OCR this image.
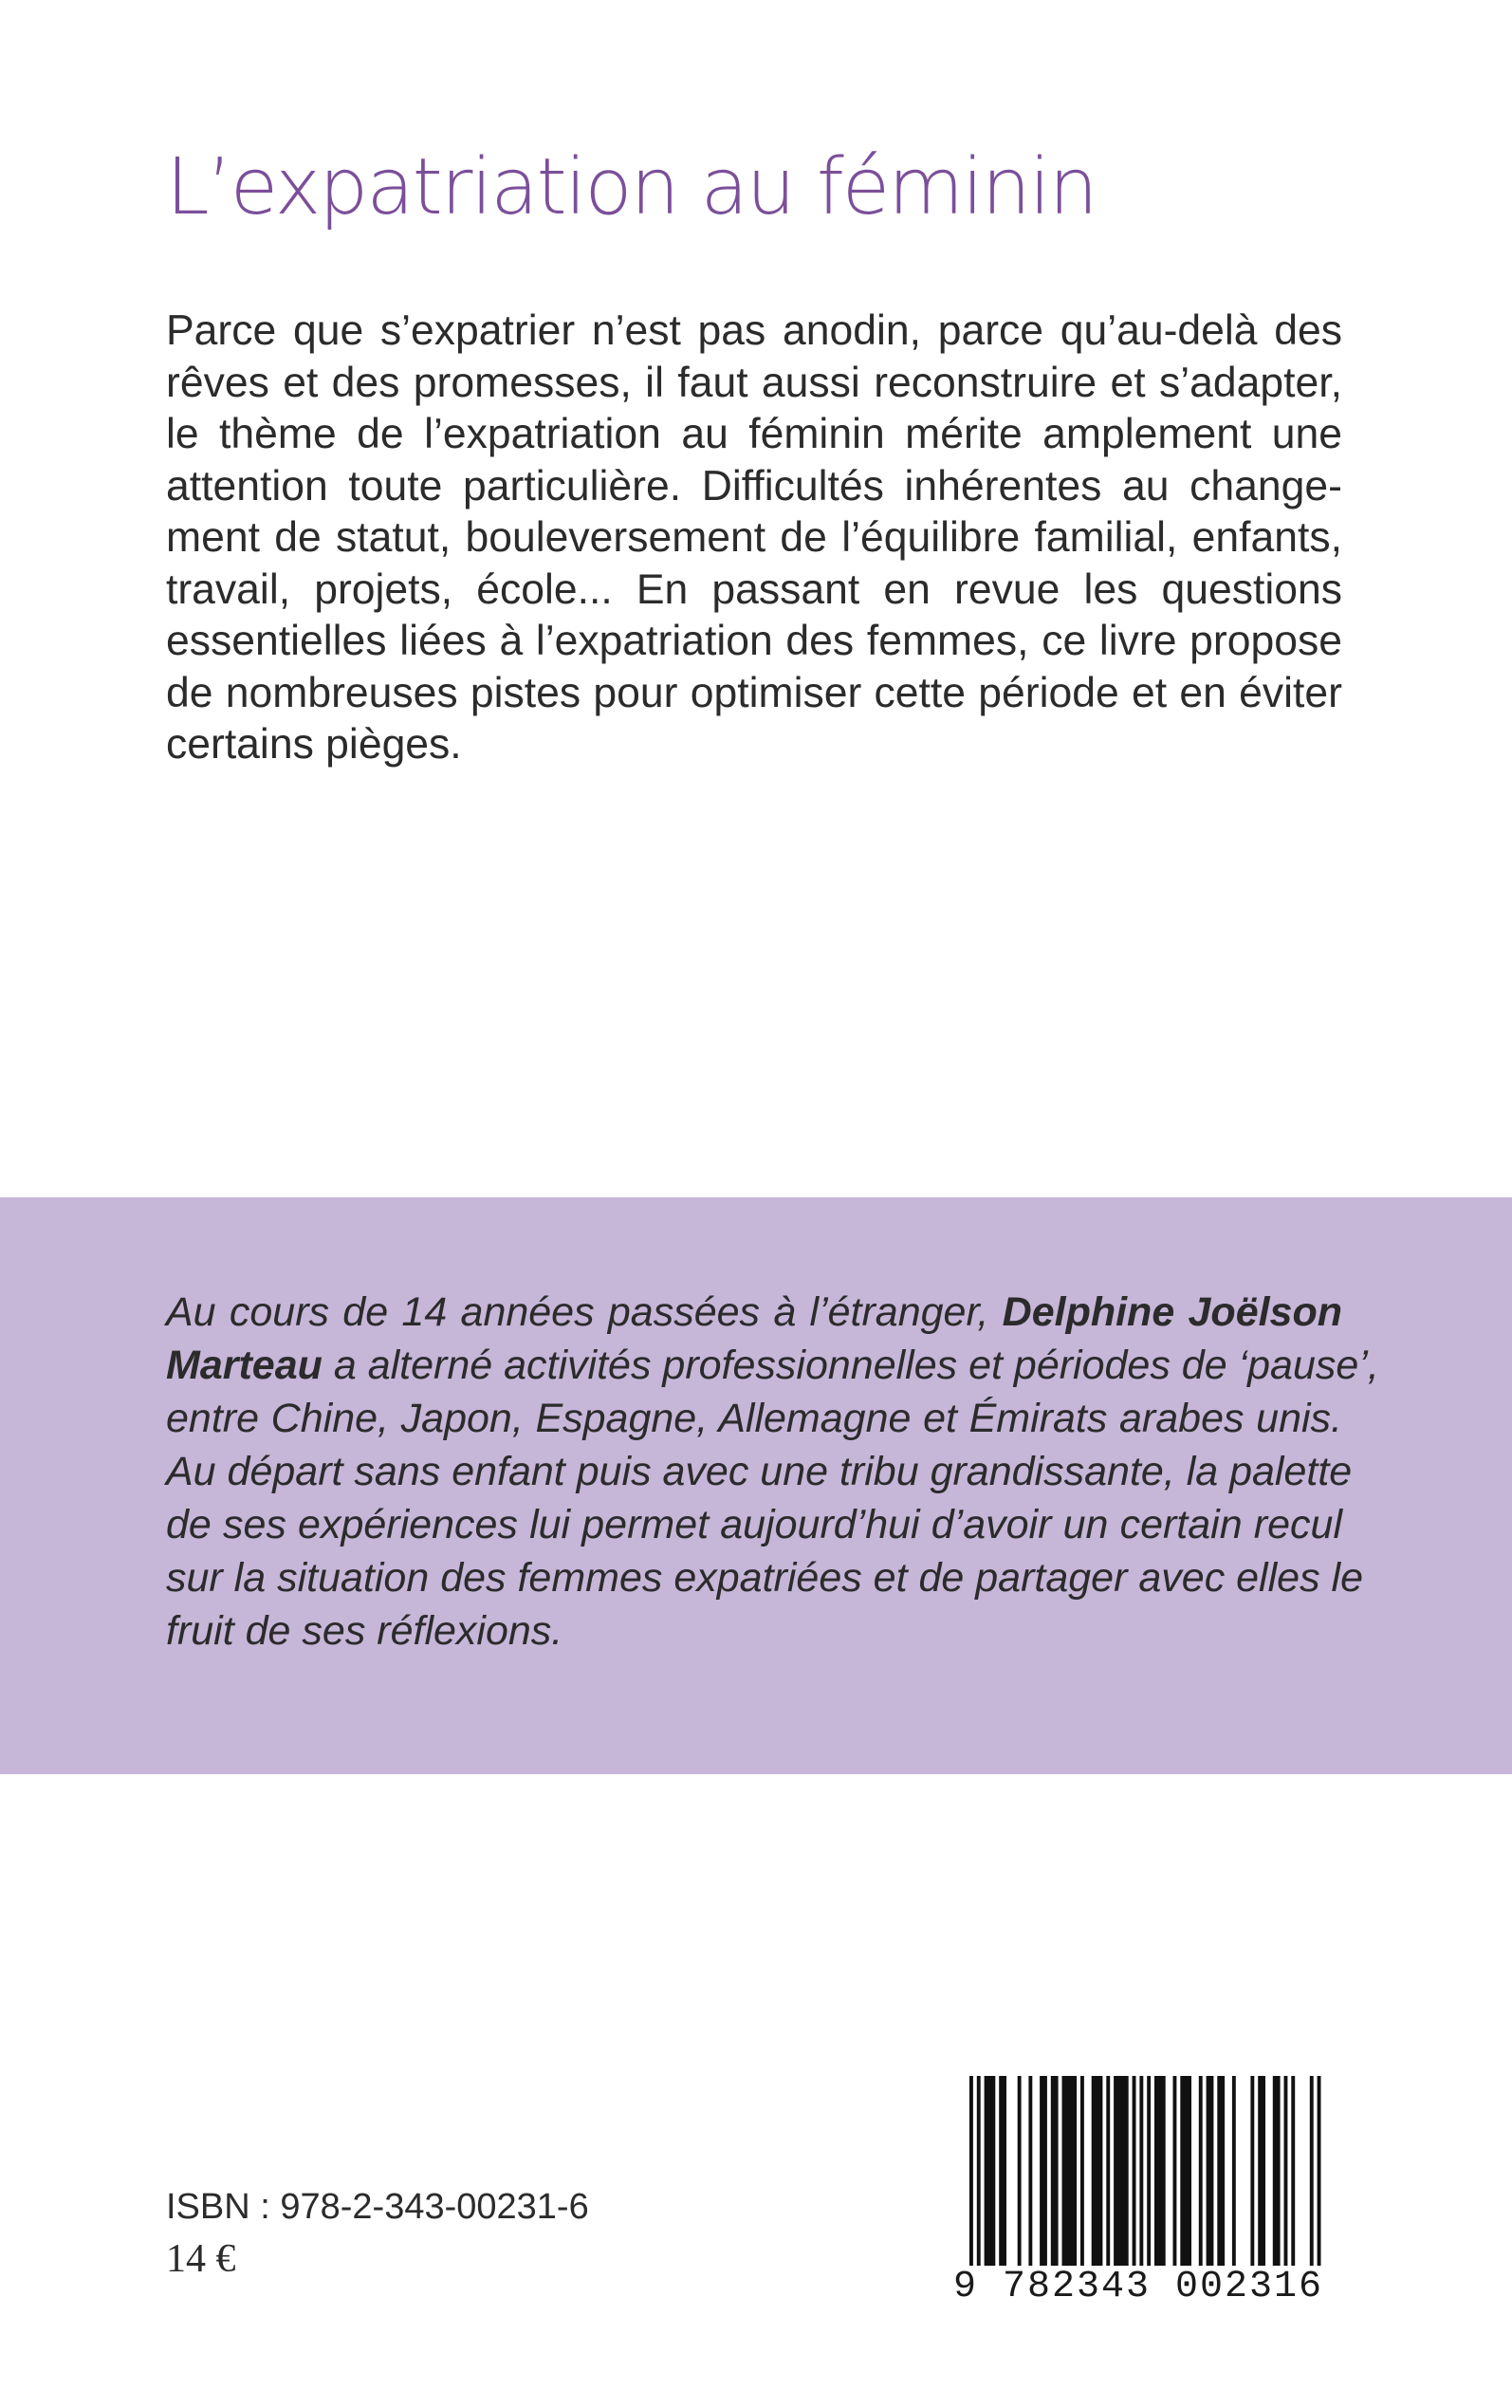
L’expatriation au féminin
Parce que s’expatrier n’est pas anodin, parce qu’au-delà des
rêves et des promesses, il faut aussi reconstruire et s’adapter,
le thème de l’expatriation au féminin mérite amplement une
attention toute particulière. Difficultés inhérentes au change-
ment de statut, bouleversement de l’équilibre familial, enfants,
travail, projets, école... En passant en revue les questions
essentielles liées à l’expatriation des femmes, ce livre propose
de nombreuses pistes pour optimiser cette période et en éviter
certains pièges.
Au cours de 14 années passées à l’étranger, Delphine Joëlson
Marteau a alterné activités professionnelles et périodes de ‘pause’,
entre Chine, Japon, Espagne, Allemagne et Émirats arabes unis.
Au départ sans enfant puis avec une tribu grandissante, la palette
de ses expériences lui permet aujourd’hui d’avoir un certain recul
sur la situation des femmes expatriées et de partager avec elles le
fruit de ses réflexions.
ISBN : 978-2-343-00231-6
14 €
9 782343 002316
